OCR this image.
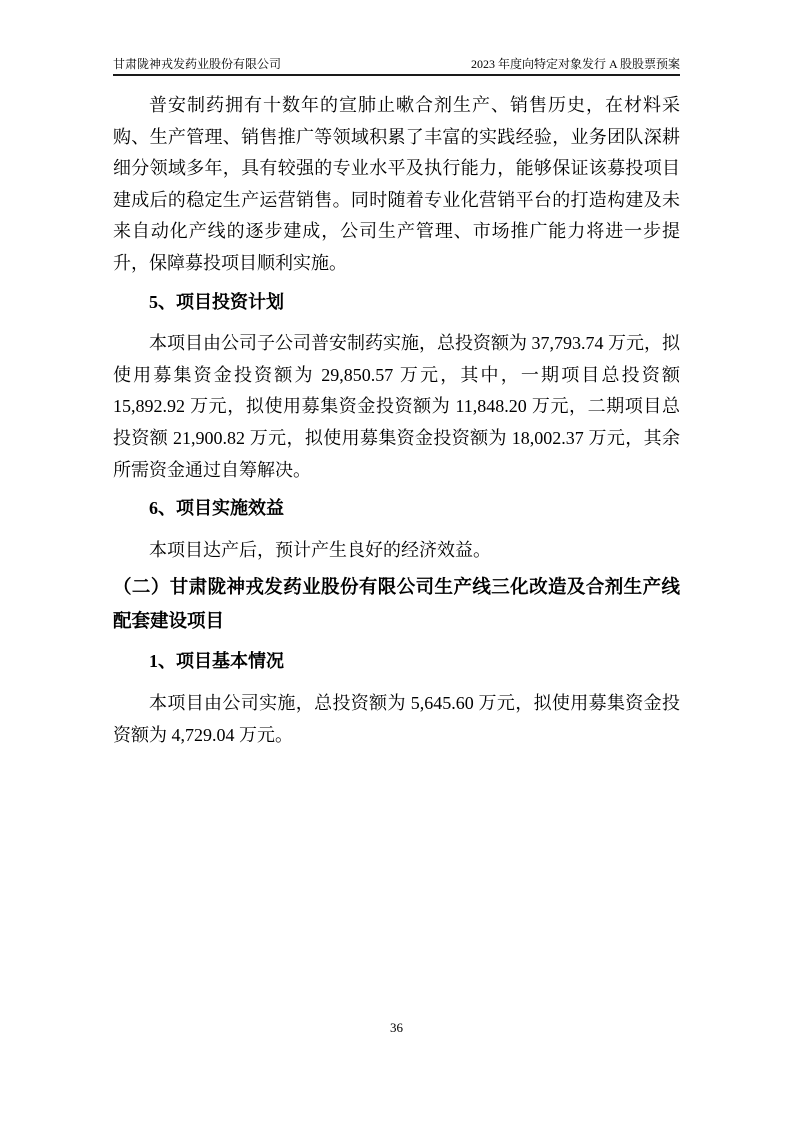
甘肃陇神戎发药业股份有限公司	2023 年度向特定对象发行 A 股股票预案

普安制药拥有十数年的宣肺止嗽合剂生产、销售历史，在材料采购、生产管理、销售推广等领域积累了丰富的实践经验，业务团队深耕细分领域多年，具有较强的专业水平及执行能力，能够保证该募投项目建成后的稳定生产运营销售。同时随着专业化营销平台的打造构建及未来自动化产线的逐步建成，公司生产管理、市场推广能力将进一步提升，保障募投项目顺利实施。

5、项目投资计划

本项目由公司子公司普安制药实施，总投资额为 37,793.74 万元，拟使用募集资金投资额为 29,850.57 万元，其中，一期项目总投资额 15,892.92 万元，拟使用募集资金投资额为 11,848.20 万元，二期项目总投资额 21,900.82 万元，拟使用募集资金投资额为 18,002.37 万元，其余所需资金通过自筹解决。

6、项目实施效益

本项目达产后，预计产生良好的经济效益。

（二）甘肃陇神戎发药业股份有限公司生产线三化改造及合剂生产线配套建设项目
1、项目基本情况

本项目由公司实施，总投资额为 5,645.60 万元，拟使用募集资金投资额为 4,729.04 万元。

36
